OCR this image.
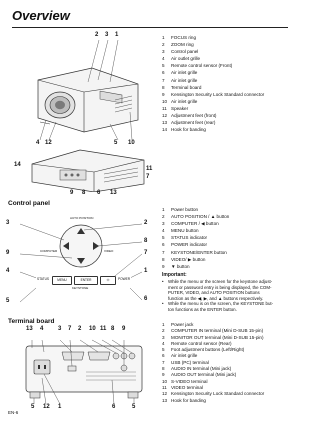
Overview
2 3 1
4 12	5 10
14
11
7
9 8 6 13
1 FOCUS ring
2 ZOOM ring
3 Control panel
4 Air outlet grille
5 Remote control sensor (Front)
6 Air inlet grille
7 Air inlet grille
8 Terminal board
9 Kensington Security Lock Standard connector
10 Air inlet grille
11 Speaker
12 Adjustment feet (front)
13 Adjustment feet (rear)
14 Hook for banding
Control panel
AUTO POSITION
COMPUTER	VIDEO
STATUS	MENU	ENTER	⏻	POWER
KEYSTONE
3
9
4
5
2
8
7
1
6
1 Power button
2 AUTO POSITION / ▲ button
3 COMPUTER / ◀ button
4 MENU button
5 STATUS indicator
6 POWER indicator
7 KEYSTONE/ENTER button
8 VIDEO/ ▶ button
9 ▼ button
Important:
• While the menu or the screen for the keystone adjust-
ment or password entry is being displayed, the COM-
PUTER, VIDEO, and AUTO POSITION buttons
function as the ◀, ▶, and ▲ buttons respectively.
• While the menu is on the screen, the KEYSTONE but-
ton functions as the ENTER button.
Terminal board
13 4 3 7 2 10 11 8 9
5 12 1	6	5
1 Power jack
2 COMPUTER IN terminal (Mini D-SUB 15-pin)
3 MONITOR OUT terminal (Mini D-SUB 15-pin)
4 Remote control sensor (Rear)
5 Foot adjustment buttons (Left/Right)
6 Air inlet grille
7 USB (PC) terminal
8 AUDIO IN terminal (Mini jack)
9 AUDIO OUT terminal (Mini jack)
10 S-VIDEO terminal
11 VIDEO terminal
12 Kensington Security Lock Standard connector
13 Hook for banding
EN-6
